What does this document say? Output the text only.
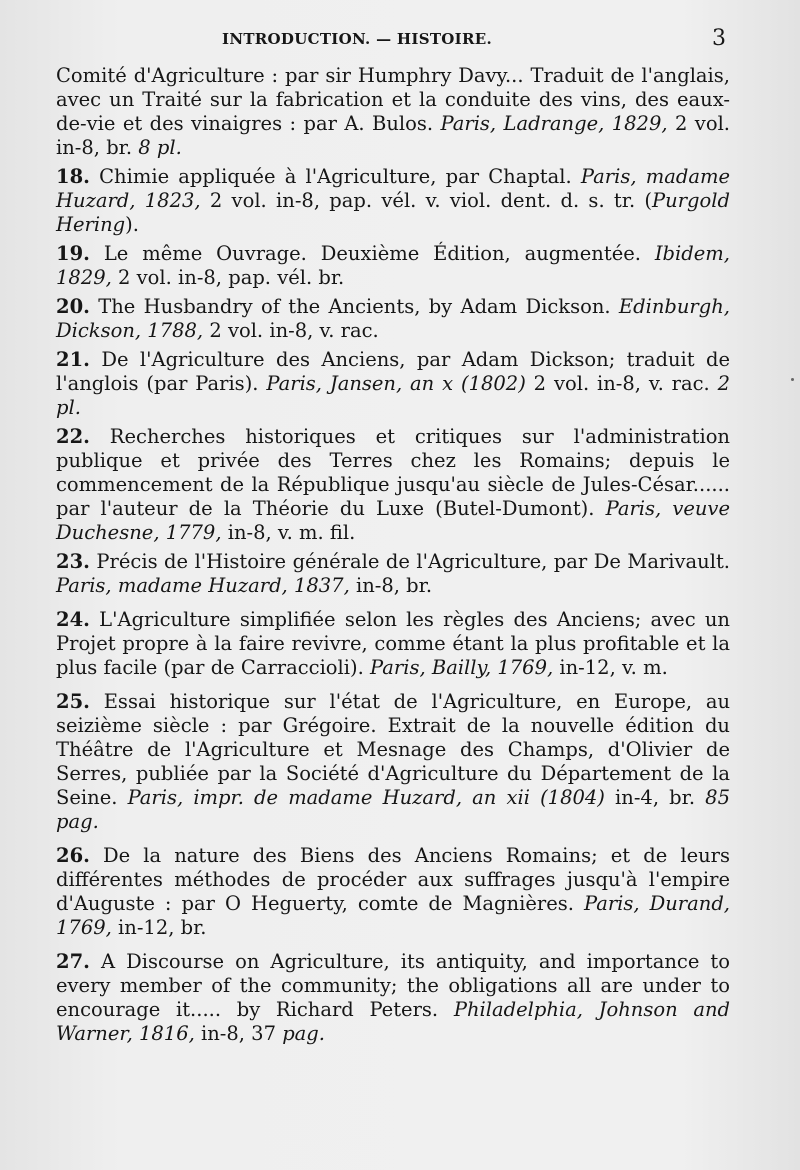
INTRODUCTION. — HISTOIRE.	3

Comité d'Agriculture : par sir Humphry Davy... Traduit de l'anglais, avec un Traité sur la fabrication et la conduite des vins, des eaux-de-vie et des vinaigres : par A. Bulos. Paris, Ladrange, 1829, 2 vol. in-8, br. 8 pl.

18. Chimie appliquée à l'Agriculture, par Chaptal. Paris, madame Huzard, 1823, 2 vol. in-8, pap. vél. v. viol. dent. d. s. tr. (Purgold Hering).

19. Le même Ouvrage. Deuxième Édition, augmentée. Ibidem, 1829, 2 vol. in-8, pap. vél. br.

20. The Husbandry of the Ancients, by Adam Dickson. Edinburgh, Dickson, 1788, 2 vol. in-8, v. rac.

21. De l'Agriculture des Anciens, par Adam Dickson; traduit de l'anglois (par Paris). Paris, Jansen, an x (1802) 2 vol. in-8, v. rac. 2 pl.

22. Recherches historiques et critiques sur l'administration publique et privée des Terres chez les Romains; depuis le commencement de la République jusqu'au siècle de Jules-César...... par l'auteur de la Théorie du Luxe (Butel-Dumont). Paris, veuve Duchesne, 1779, in-8, v. m. fil.

23. Précis de l'Histoire générale de l'Agriculture, par De Marivault. Paris, madame Huzard, 1837, in-8, br.

24. L'Agriculture simplifiée selon les règles des Anciens; avec un Projet propre à la faire revivre, comme étant la plus profitable et la plus facile (par de Carraccioli). Paris, Bailly, 1769, in-12, v. m.

25. Essai historique sur l'état de l'Agriculture, en Europe, au seizième siècle : par Grégoire. Extrait de la nouvelle édition du Théâtre de l'Agriculture et Mesnage des Champs, d'Olivier de Serres, publiée par la Société d'Agriculture du Département de la Seine. Paris, impr. de madame Huzard, an xii (1804) in-4, br. 85 pag.

26. De la nature des Biens des Anciens Romains; et de leurs différentes méthodes de procéder aux suffrages jusqu'à l'empire d'Auguste : par O Heguerty, comte de Magnières. Paris, Durand, 1769, in-12, br.

27. A Discourse on Agriculture, its antiquity, and importance to every member of the community; the obligations all are under to encourage it..... by Richard Peters. Philadelphia, Johnson and Warner, 1816, in-8, 37 pag.
